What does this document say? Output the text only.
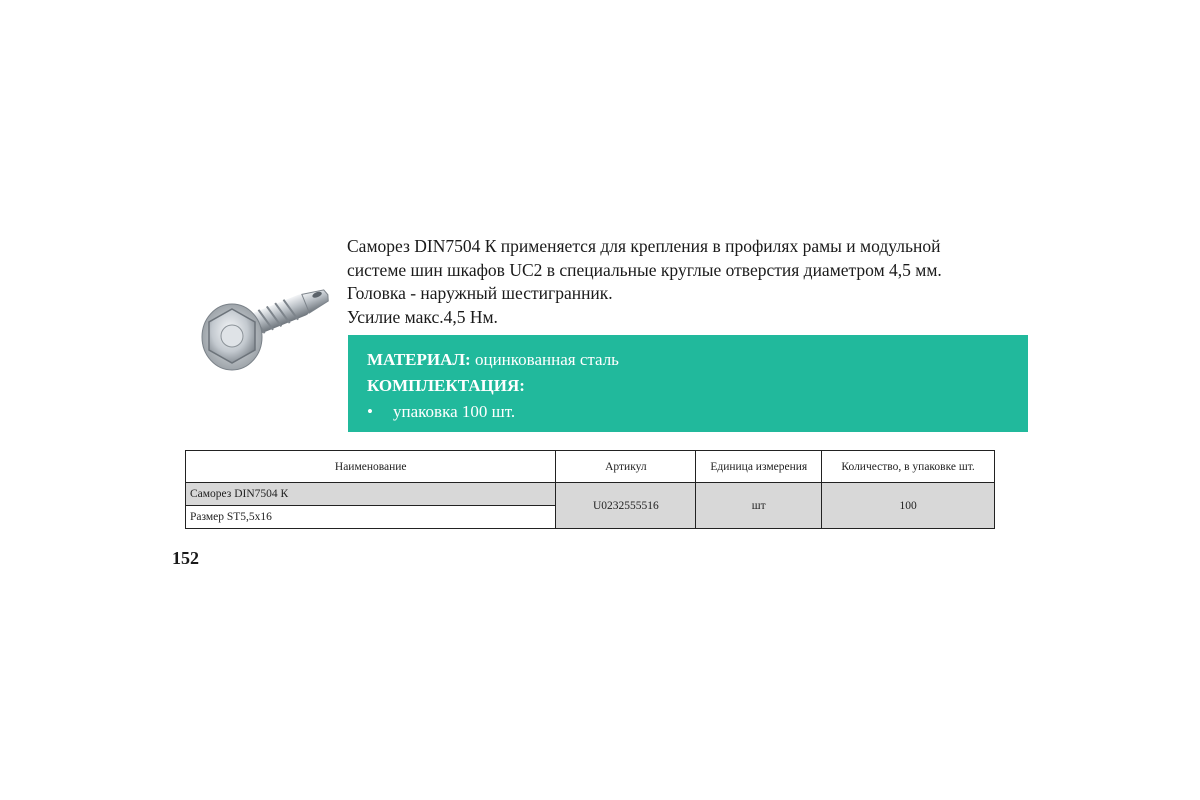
Саморез DIN7504 К применяется для крепления в профилях рамы и модульной

системе шин шкафов UC2 в специальные круглые отверстия диаметром 4,5 мм.

Головка - наружный шестигранник.

Усилие макс.4,5 Нм.

МАТЕРИАЛ: оцинкованная сталь
КОМПЛЕКТАЦИЯ:
• упаковка 100 шт.
Наименование	Артикул	Единица измерения	Количество, в упаковке шт.
Саморез DIN7504 К	U0232555516	шт	100
Размер ST5,5x16			
152
